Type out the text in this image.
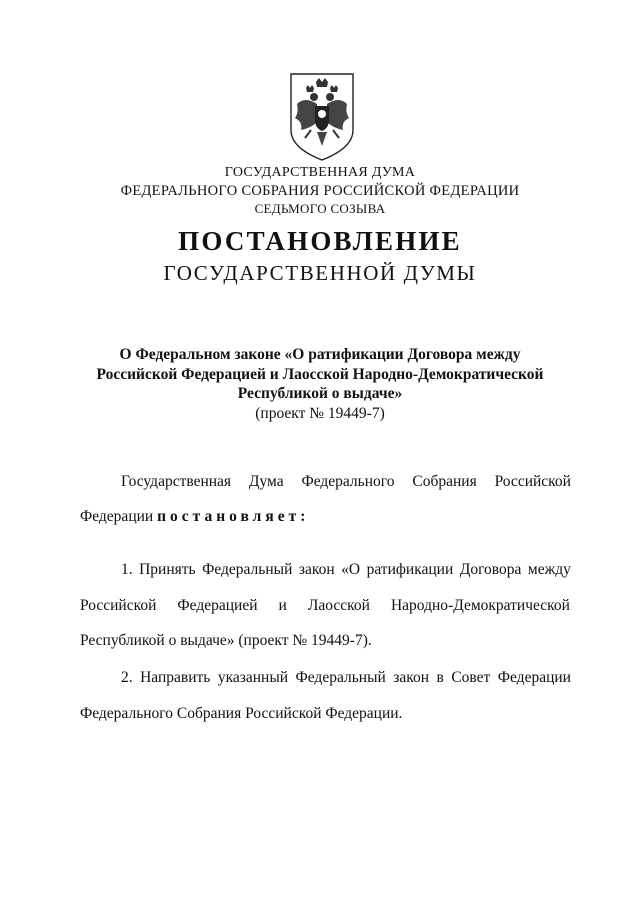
ГОСУДАРСТВЕННАЯ ДУМА
ФЕДЕРАЛЬНОГО СОБРАНИЯ РОССИЙСКОЙ ФЕДЕРАЦИИ
СЕДЬМОГО СОЗЫВА
ПОСТАНОВЛЕНИЕ
ГОСУДАРСТВЕННОЙ ДУМЫ
О Федеральном законе «О ратификации Договора между
Российской Федерацией и Лаосской Народно-Демократической
Республикой о выдаче»
(проект № 19449-7)
Государственная Дума Федерального Собрания Российской
Федерации постановляет:
1. Принять Федеральный закон «О ратификации Договора между
Российской Федерацией и Лаосской Народно-Демократической
Республикой о выдаче» (проект № 19449-7).
2. Направить указанный Федеральный закон в Совет Федерации
Федерального Собрания Российской Федерации.
